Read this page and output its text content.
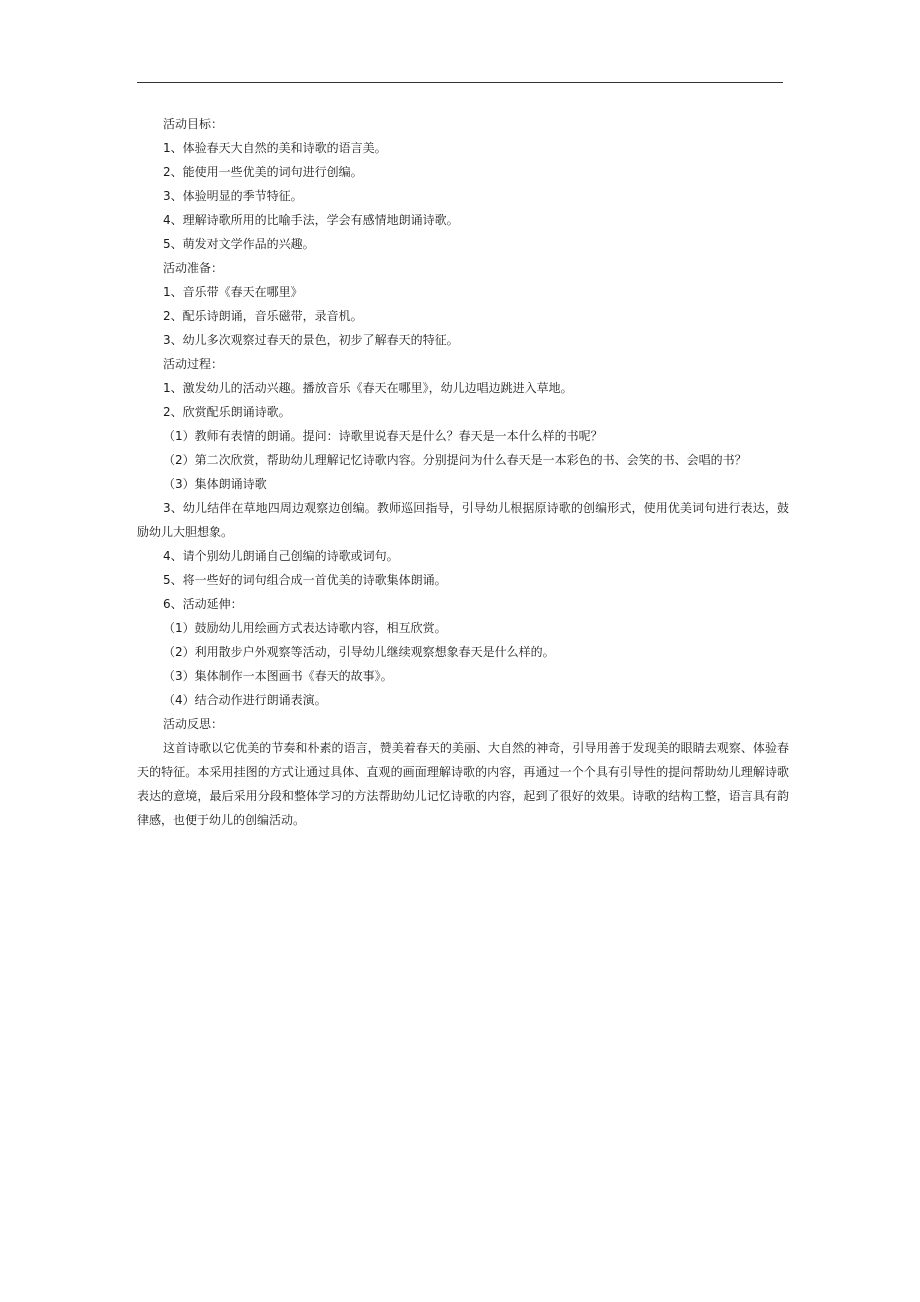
活动目标：

1、体验春天大自然的美和诗歌的语言美。

2、能使用一些优美的词句进行创编。

3、体验明显的季节特征。

4、理解诗歌所用的比喻手法，学会有感情地朗诵诗歌。

5、萌发对文学作品的兴趣。

活动准备：

1、音乐带《春天在哪里》

2、配乐诗朗诵，音乐磁带，录音机。

3、幼儿多次观察过春天的景色，初步了解春天的特征。

活动过程：

1、激发幼儿的活动兴趣。播放音乐《春天在哪里》，幼儿边唱边跳进入草地。

2、欣赏配乐朗诵诗歌。

（1）教师有表情的朗诵。提问：诗歌里说春天是什么？春天是一本什么样的书呢？

（2）第二次欣赏，帮助幼儿理解记忆诗歌内容。分别提问为什么春天是一本彩色的书、会笑的书、会唱的书？

（3）集体朗诵诗歌

3、幼儿结伴在草地四周边观察边创编。教师巡回指导，引导幼儿根据原诗歌的创编形式，使用优美词句进行表达，鼓励幼儿大胆想象。

4、请个别幼儿朗诵自己创编的诗歌或词句。

5、将一些好的词句组合成一首优美的诗歌集体朗诵。

6、活动延伸：

（1）鼓励幼儿用绘画方式表达诗歌内容，相互欣赏。

（2）利用散步户外观察等活动，引导幼儿继续观察想象春天是什么样的。

（3）集体制作一本图画书《春天的故事》。

（4）结合动作进行朗诵表演。

活动反思：

这首诗歌以它优美的节奏和朴素的语言，赞美着春天的美丽、大自然的神奇，引导用善于发现美的眼睛去观察、体验春天的特征。本采用挂图的方式让通过具体、直观的画面理解诗歌的内容，再通过一个个具有引导性的提问帮助幼儿理解诗歌表达的意境，最后采用分段和整体学习的方法帮助幼儿记忆诗歌的内容，起到了很好的效果。诗歌的结构工整，语言具有韵律感，也便于幼儿的创编活动。
